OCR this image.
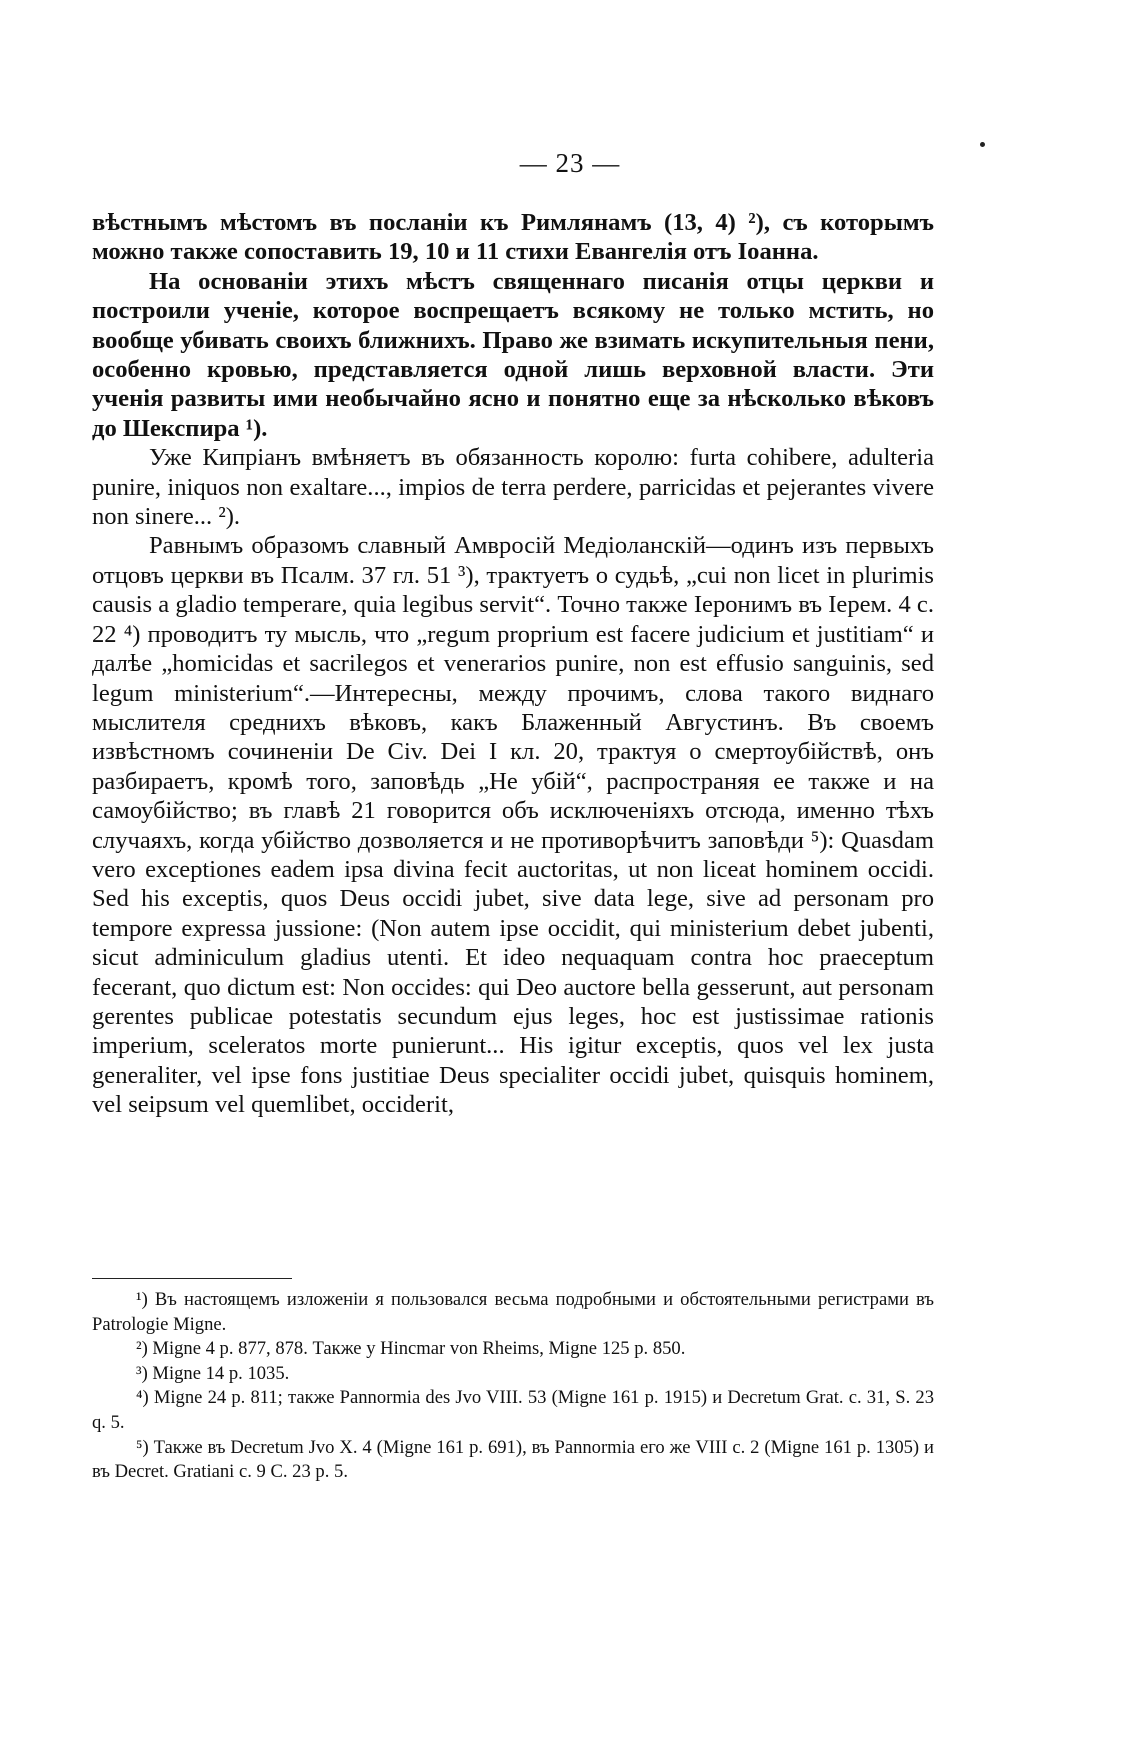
— 23 —

вѣстнымъ мѣстомъ въ посланіи къ Римлянамъ (13, 4) ²), съ которымъ можно также сопоставить 19, 10 и 11 стихи Евангелія отъ Іоанна.

На основаніи этихъ мѣстъ священнаго писанія отцы церкви и построили ученіе, которое воспрещаетъ всякому не только мстить, но вообще убивать своихъ ближнихъ. Право же взимать искупительныя пени, особенно кровью, представляется одной лишь верховной власти. Эти ученія развиты ими необычайно ясно и понятно еще за нѣсколько вѣковъ до Шекспира ¹).

Уже Кипріанъ вмѣняетъ въ обязанность королю: furta cohibere, adulteria punire, iniquos non exaltare..., impios de terra perdere, parricidas et pejerantes vivere non sinere... ²).

Равнымъ образомъ славный Амвросій Медіоланскій—одинъ изъ первыхъ отцовъ церкви въ Псалм. 37 гл. 51 ³), трактуетъ о судьѣ, „cui non licet in plurimis causis a gladio temperare, quia legibus servit“. Точно также Іеронимъ въ Іерем. 4 с. 22 ⁴) проводитъ ту мысль, что „regum proprium est facere judicium et justitiam“ и далѣе „homicidas et sacrilegos et venerarios punire, non est effusio sanguinis, sed legum ministerium“.—Интересны, между прочимъ, слова такого виднаго мыслителя среднихъ вѣковъ, какъ Блаженный Августинъ. Въ своемъ извѣстномъ сочиненіи De Civ. Dei I кл. 20, трактуя о смертоубійствѣ, онъ разбираетъ, кромѣ того, заповѣдь „Не убій“, распространяя ее также и на самоубійство; въ главѣ 21 говорится объ исключеніяхъ отсюда, именно тѣхъ случаяхъ, когда убійство дозволяется и не противорѣчитъ заповѣди ⁵): Quasdam vero exceptiones eadem ipsa divina fecit auctoritas, ut non liceat hominem occidi. Sed his exceptis, quos Deus occidi jubet, sive data lege, sive ad personam pro tempore expressa jussione: (Non autem ipse occidit, qui ministerium debet jubenti, sicut adminiculum gladius utenti. Et ideo nequaquam contra hoc praeceptum fecerant, quo dictum est: Non occides: qui Deo auctore bella gesserunt, aut personam gerentes publicae potestatis secundum ejus leges, hoc est justissimae rationis imperium, sceleratos morte punierunt... His igitur exceptis, quos vel lex justa generaliter, vel ipse fons justitiae Deus specialiter occidi jubet, quisquis hominem, vel seipsum vel quemlibet, occiderit,

¹) Въ настоящемъ изложеніи я пользовался весьма подробными и обстоятельными регистрами въ Patrologie Migne.

²) Migne 4 p. 877, 878. Также у Hincmar von Rheims, Migne 125 p. 850.

³) Migne 14 p. 1035.

⁴) Migne 24 p. 811; также Pannormia des Jvo VIII. 53 (Migne 161 p. 1915) и Decretum Grat. c. 31, S. 23 q. 5.

⁵) Также въ Decretum Jvo X. 4 (Migne 161 p. 691), въ Pannormia его же VIII c. 2 (Migne 161 p. 1305) и въ Decret. Gratiani c. 9 C. 23 p. 5.
